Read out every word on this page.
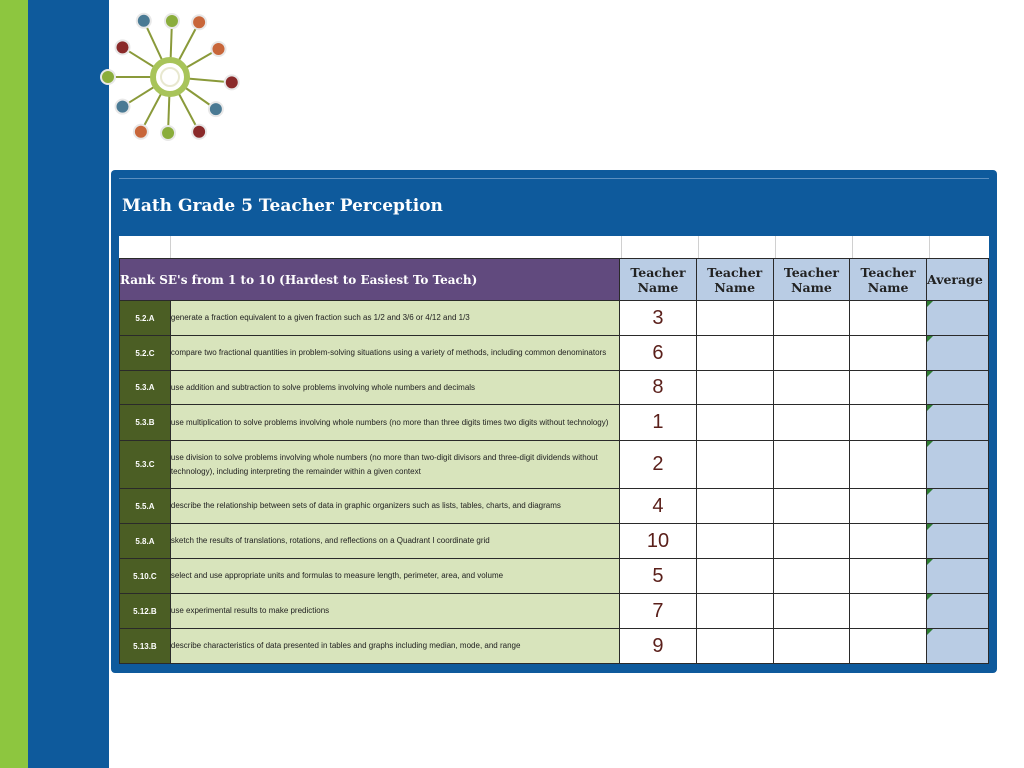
Math Grade 5 Teacher Perception
Rank SE's from 1 to 10 (Hardest to Easiest To Teach)		Teacher Name	Teacher Name	Teacher Name	Teacher Name	Average
5.2.A	generate a fraction equivalent to a given fraction such as 1/2 and 3/6 or 4/12 and 1/3	3				

5.2.C	compare two fractional quantities in problem-solving situations using a variety of methods, including common denominators	6				

5.3.A	use addition and subtraction to solve problems involving whole numbers and decimals	8				

5.3.B	use multiplication to solve problems involving whole numbers (no more than three digits times two digits without technology)	1				

5.3.C	use division to solve problems involving whole numbers (no more than two-digit divisors and three-digit dividends without technology), including interpreting the remainder within a given context	2				

5.5.A	describe the relationship between sets of data in graphic organizers such as lists, tables, charts, and diagrams	4				

5.8.A	sketch the results of translations, rotations, and reflections on a Quadrant I coordinate grid	10				

5.10.C	select and use appropriate units and formulas to measure length, perimeter, area, and volume	5				

5.12.B	use experimental results to make predictions	7				

5.13.B	describe characteristics of data presented in tables and graphs including median, mode, and range	9				
